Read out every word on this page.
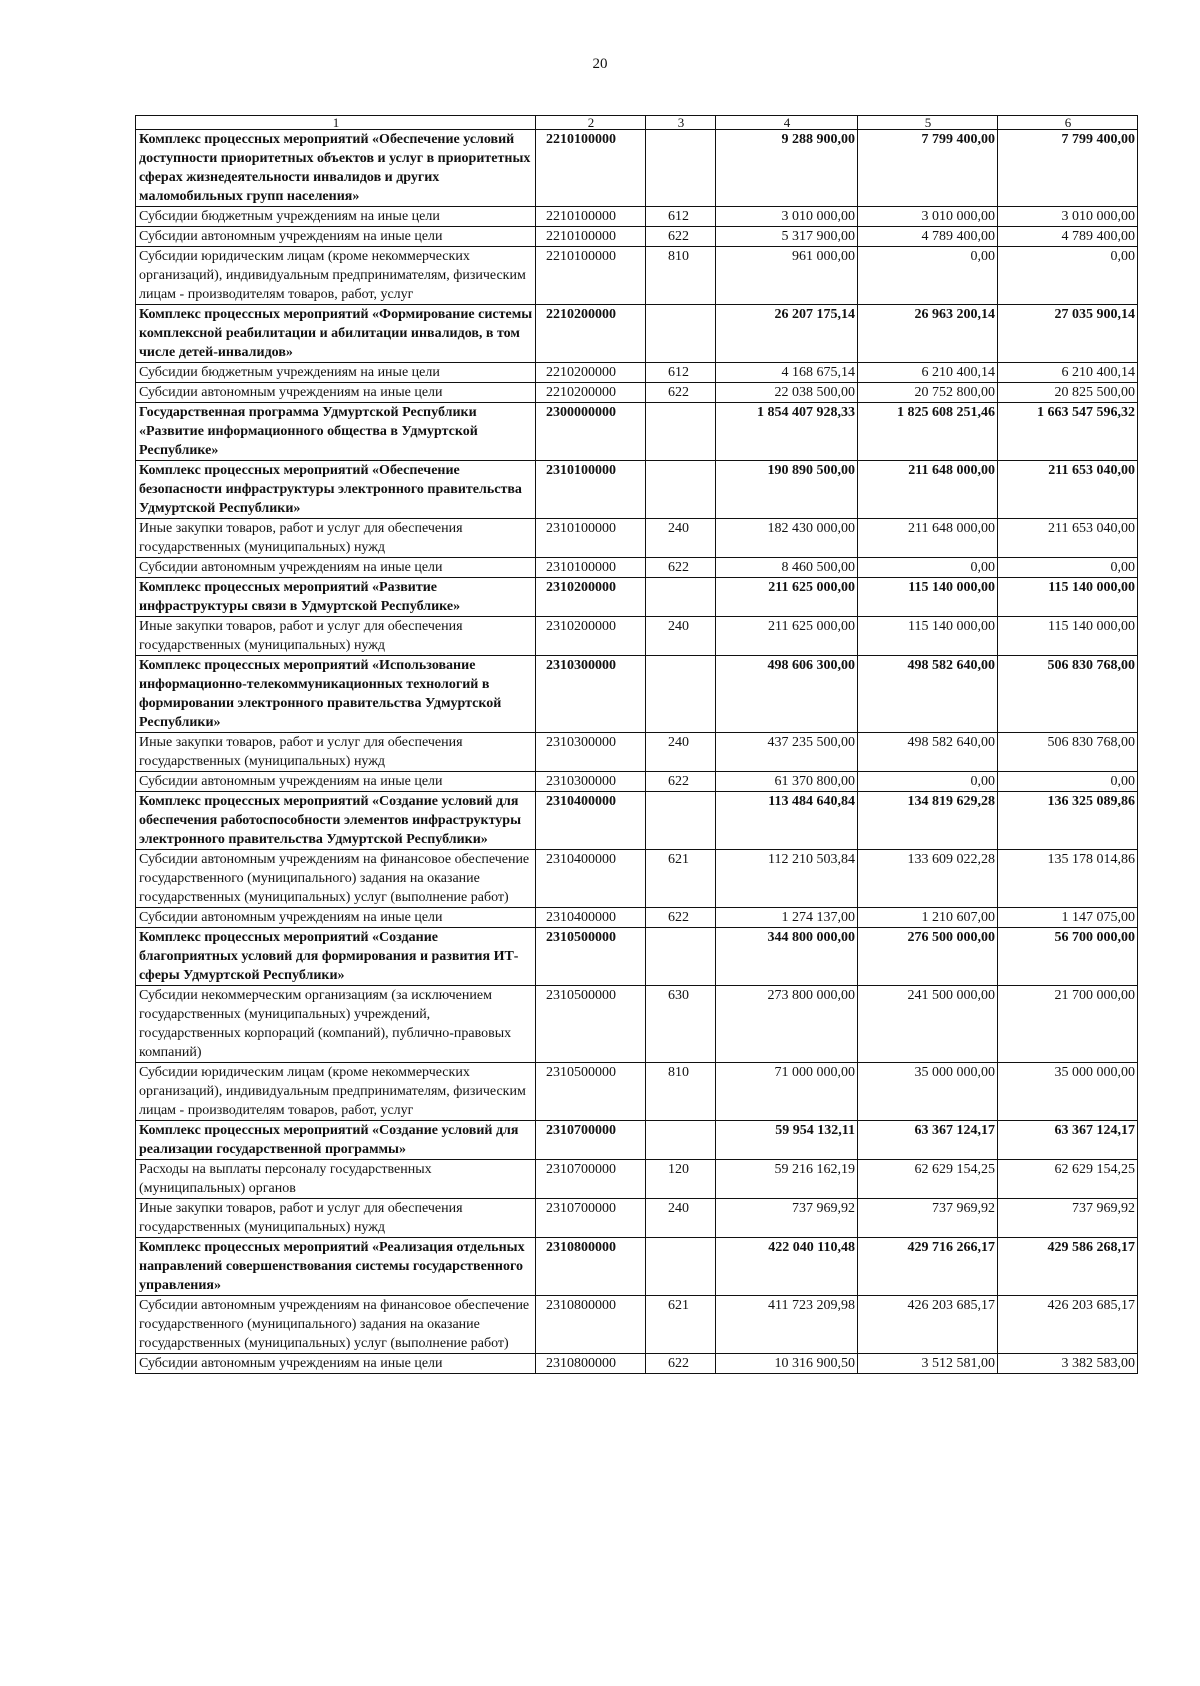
20
1	2	3	4	5	6
Комплекс процессных мероприятий «Обеспечение условий доступности приоритетных объектов и услуг в приоритетных сферах жизнедеятельности инвалидов и других маломобильных групп населения»	2210100000		9 288 900,00	7 799 400,00	7 799 400,00
Субсидии бюджетным учреждениям на иные цели	2210100000	612	3 010 000,00	3 010 000,00	3 010 000,00
Субсидии автономным учреждениям на иные цели	2210100000	622	5 317 900,00	4 789 400,00	4 789 400,00
Субсидии юридическим лицам (кроме некоммерческих организаций), индивидуальным предпринимателям, физическим лицам - производителям товаров, работ, услуг	2210100000	810	961 000,00	0,00	0,00
Комплекс процессных мероприятий «Формирование системы комплексной реабилитации и абилитации инвалидов, в том числе детей-инвалидов»	2210200000		26 207 175,14	26 963 200,14	27 035 900,14
Субсидии бюджетным учреждениям на иные цели	2210200000	612	4 168 675,14	6 210 400,14	6 210 400,14
Субсидии автономным учреждениям на иные цели	2210200000	622	22 038 500,00	20 752 800,00	20 825 500,00
Государственная программа Удмуртской Республики «Развитие информационного общества в Удмуртской Республике»	2300000000		1 854 407 928,33	1 825 608 251,46	1 663 547 596,32
Комплекс процессных мероприятий «Обеспечение безопасности инфраструктуры электронного правительства Удмуртской Республики»	2310100000		190 890 500,00	211 648 000,00	211 653 040,00
Иные закупки товаров, работ и услуг для обеспечения государственных (муниципальных) нужд	2310100000	240	182 430 000,00	211 648 000,00	211 653 040,00
Субсидии автономным учреждениям на иные цели	2310100000	622	8 460 500,00	0,00	0,00
Комплекс процессных мероприятий «Развитие инфраструктуры связи в Удмуртской Республике»	2310200000		211 625 000,00	115 140 000,00	115 140 000,00
Иные закупки товаров, работ и услуг для обеспечения государственных (муниципальных) нужд	2310200000	240	211 625 000,00	115 140 000,00	115 140 000,00
Комплекс процессных мероприятий «Использование информационно-телекоммуникационных технологий в формировании электронного правительства Удмуртской Республики»	2310300000		498 606 300,00	498 582 640,00	506 830 768,00
Иные закупки товаров, работ и услуг для обеспечения государственных (муниципальных) нужд	2310300000	240	437 235 500,00	498 582 640,00	506 830 768,00
Субсидии автономным учреждениям на иные цели	2310300000	622	61 370 800,00	0,00	0,00
Комплекс процессных мероприятий «Создание условий для обеспечения работоспособности элементов инфраструктуры электронного правительства Удмуртской Республики»	2310400000		113 484 640,84	134 819 629,28	136 325 089,86
Субсидии автономным учреждениям на финансовое обеспечение государственного (муниципального) задания на оказание государственных (муниципальных) услуг (выполнение работ)	2310400000	621	112 210 503,84	133 609 022,28	135 178 014,86
Субсидии автономным учреждениям на иные цели	2310400000	622	1 274 137,00	1 210 607,00	1 147 075,00
Комплекс процессных мероприятий «Создание благоприятных условий для формирования и развития ИТ-сферы Удмуртской Республики»	2310500000		344 800 000,00	276 500 000,00	56 700 000,00
Субсидии некоммерческим организациям (за исключением государственных (муниципальных) учреждений, государственных корпораций (компаний), публично-правовых компаний)	2310500000	630	273 800 000,00	241 500 000,00	21 700 000,00
Субсидии юридическим лицам (кроме некоммерческих организаций), индивидуальным предпринимателям, физическим лицам - производителям товаров, работ, услуг	2310500000	810	71 000 000,00	35 000 000,00	35 000 000,00
Комплекс процессных мероприятий «Создание условий для реализации государственной программы»	2310700000		59 954 132,11	63 367 124,17	63 367 124,17
Расходы на выплаты персоналу государственных (муниципальных) органов	2310700000	120	59 216 162,19	62 629 154,25	62 629 154,25
Иные закупки товаров, работ и услуг для обеспечения государственных (муниципальных) нужд	2310700000	240	737 969,92	737 969,92	737 969,92
Комплекс процессных мероприятий «Реализация отдельных направлений совершенствования системы государственного управления»	2310800000		422 040 110,48	429 716 266,17	429 586 268,17
Субсидии автономным учреждениям на финансовое обеспечение государственного (муниципального) задания на оказание государственных (муниципальных) услуг (выполнение работ)	2310800000	621	411 723 209,98	426 203 685,17	426 203 685,17
Субсидии автономным учреждениям на иные цели	2310800000	622	10 316 900,50	3 512 581,00	3 382 583,00
